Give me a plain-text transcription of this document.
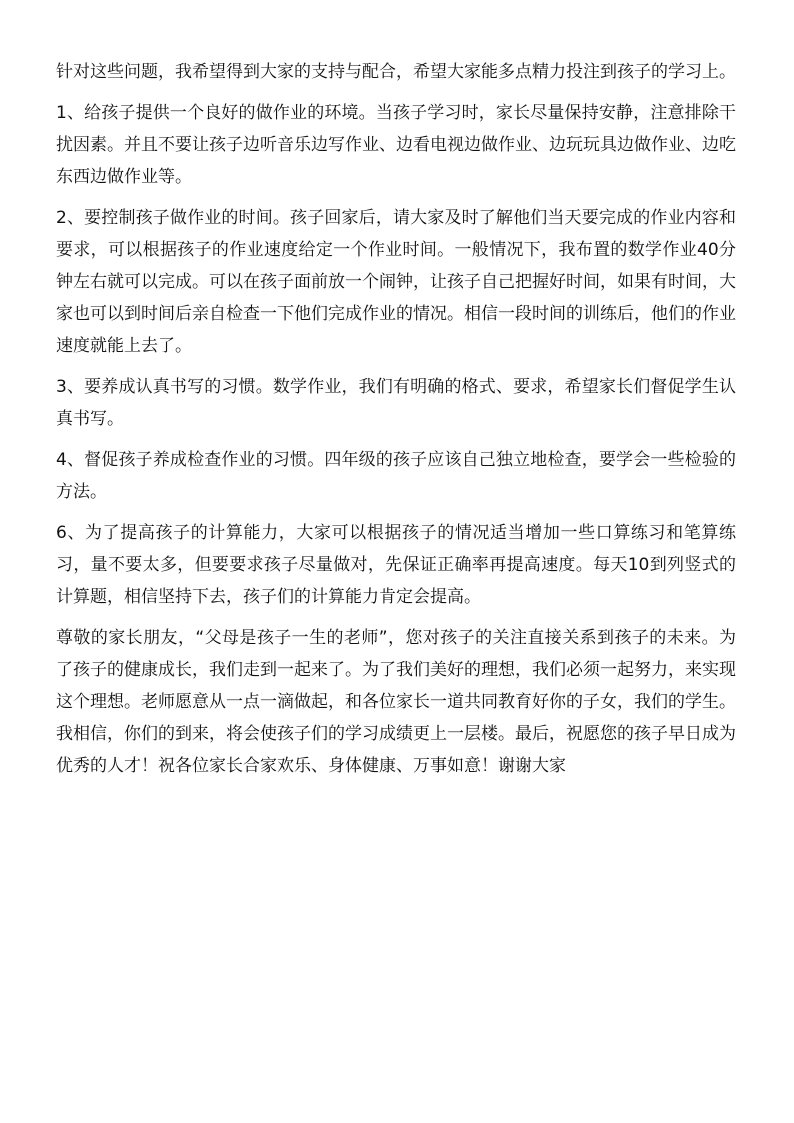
针对这些问题，我希望得到大家的支持与配合，希望大家能多点精力投注到孩子的学习上。

1、给孩子提供一个良好的做作业的环境。当孩子学习时，家长尽量保持安静，注意排除干扰因素。并且不要让孩子边听音乐边写作业、边看电视边做作业、边玩玩具边做作业、边吃东西边做作业等。

2、要控制孩子做作业的时间。孩子回家后，请大家及时了解他们当天要完成的作业内容和要求，可以根据孩子的作业速度给定一个作业时间。一般情况下，我布置的数学作业40分钟左右就可以完成。可以在孩子面前放一个闹钟，让孩子自己把握好时间，如果有时间，大家也可以到时间后亲自检查一下他们完成作业的情况。相信一段时间的训练后，他们的作业速度就能上去了。

3、要养成认真书写的习惯。数学作业，我们有明确的格式、要求，希望家长们督促学生认真书写。

4、督促孩子养成检查作业的习惯。四年级的孩子应该自己独立地检查，要学会一些检验的方法。

6、为了提高孩子的计算能力，大家可以根据孩子的情况适当增加一些口算练习和笔算练习，量不要太多，但要要求孩子尽量做对，先保证正确率再提高速度。每天10到列竖式的计算题，相信坚持下去，孩子们的计算能力肯定会提高。

尊敬的家长朋友，“父母是孩子一生的老师”，您对孩子的关注直接关系到孩子的未来。为了孩子的健康成长，我们走到一起来了。为了我们美好的理想，我们必须一起努力，来实现这个理想。老师愿意从一点一滴做起，和各位家长一道共同教育好你的子女，我们的学生。我相信，你们的到来，将会使孩子们的学习成绩更上一层楼。最后，祝愿您的孩子早日成为优秀的人才！祝各位家长合家欢乐、身体健康、万事如意！谢谢大家
